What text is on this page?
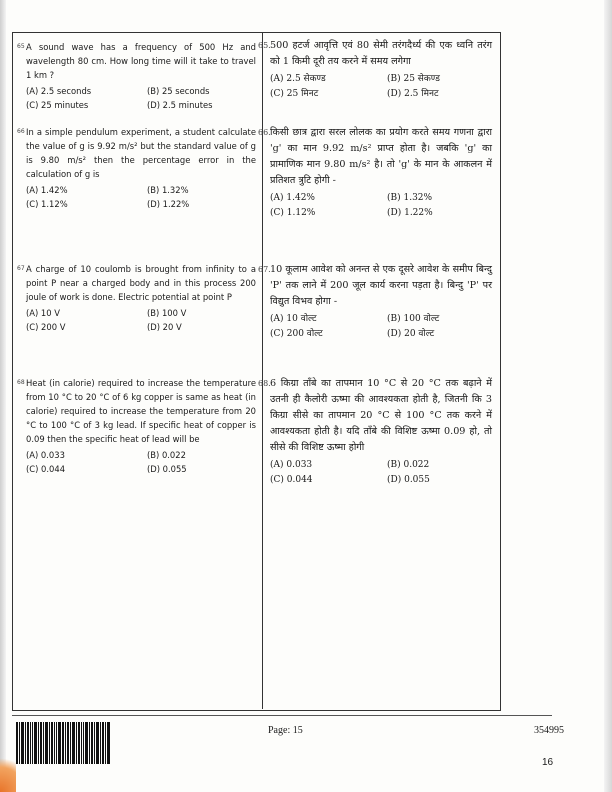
65 A sound wave has a frequency of 500 Hz and wavelength 80 cm. How long time will it take to travel 1 km ?
(A) 2.5 seconds	(B) 25 seconds
(C) 25 minutes	(D) 2.5 minutes
66 In a simple pendulum experiment, a student calculate the value of g is 9.92 m/s² but the standard value of g is 9.80 m/s² then the percentage error in the calculation of g is
(A) 1.42%	(B) 1.32%
(C) 1.12%	(D) 1.22%
67 A charge of 10 coulomb is brought from infinity to a point P near a charged body and in this process 200 joule of work is done. Electric potential at point P
(A) 10 V	(B) 100 V
(C) 200 V	(D) 20 V
68 Heat (in calorie) required to increase the temperature from 10 °C to 20 °C of 6 kg copper is same as heat (in calorie) required to increase the temperature from 20 °C to 100 °C of 3 kg lead. If specific heat of copper is 0.09 then the specific heat of lead will be
(A) 0.033	(B) 0.022
(C) 0.044	(D) 0.055
65. 500 हटर्ज आवृत्ति एवं 80 सेमी तरंगदैर्ध्य की एक ध्वनि तरंग को 1 किमी दूरी तय करने में समय लगेगा
(A) 2.5 सेकण्ड	(B) 25 सेकण्ड
(C) 25 मिनट	(D) 2.5 मिनट
66. किसी छात्र द्वारा सरल लोलक का प्रयोग करते समय गणना द्वारा 'g' का मान 9.92 m/s² प्राप्त होता है। जबकि 'g' का प्रामाणिक मान 9.80 m/s² है। तो 'g' के मान के आकलन में प्रतिशत त्रुटि होगी -
(A) 1.42%	(B) 1.32%
(C) 1.12%	(D) 1.22%
67. 10 कूलाम आवेश को अनन्त से एक दूसरे आवेश के समीप बिन्दु 'P' तक लाने में 200 जूल कार्य करना पड़ता है। बिन्दु 'P' पर विद्युत विभव होगा -
(A) 10 वोल्ट	(B) 100 वोल्ट
(C) 200 वोल्ट	(D) 20 वोल्ट
68. 6 किग्रा ताँबे का तापमान 10 °C से 20 °C तक बढ़ाने में उतनी ही कैलोरी ऊष्मा की आवश्यकता होती है, जितनी कि 3 किग्रा सीसे का तापमान 20 °C से 100 °C तक करने में आवश्यकता होती है। यदि ताँबे की विशिष्ट ऊष्मा 0.09 हो, तो सीसे की विशिष्ट ऊष्मा होगी
(A) 0.033	(B) 0.022
(C) 0.044	(D) 0.055
Page: 15	354995
16
